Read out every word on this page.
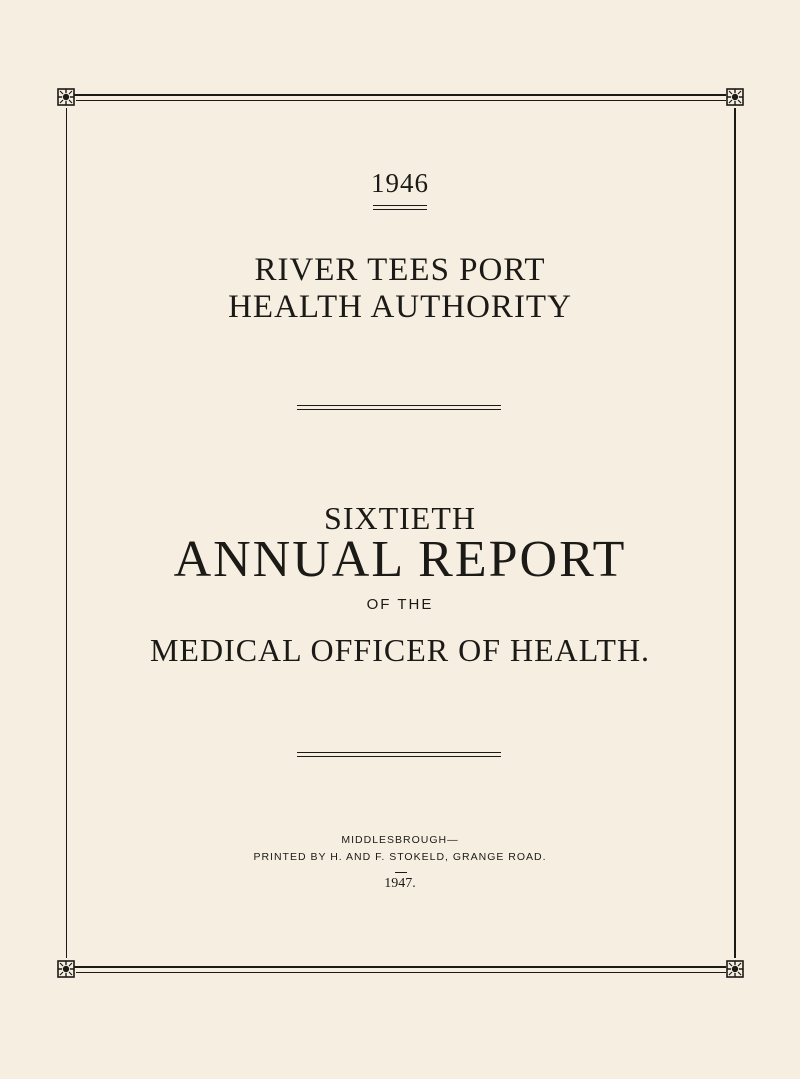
1946
RIVER TEES PORT
HEALTH AUTHORITY
SIXTIETH
ANNUAL REPORT
OF THE
MEDICAL OFFICER OF HEALTH.
MIDDLESBROUGH—
PRINTED BY H. AND F. STOKELD, GRANGE ROAD.
1947.
